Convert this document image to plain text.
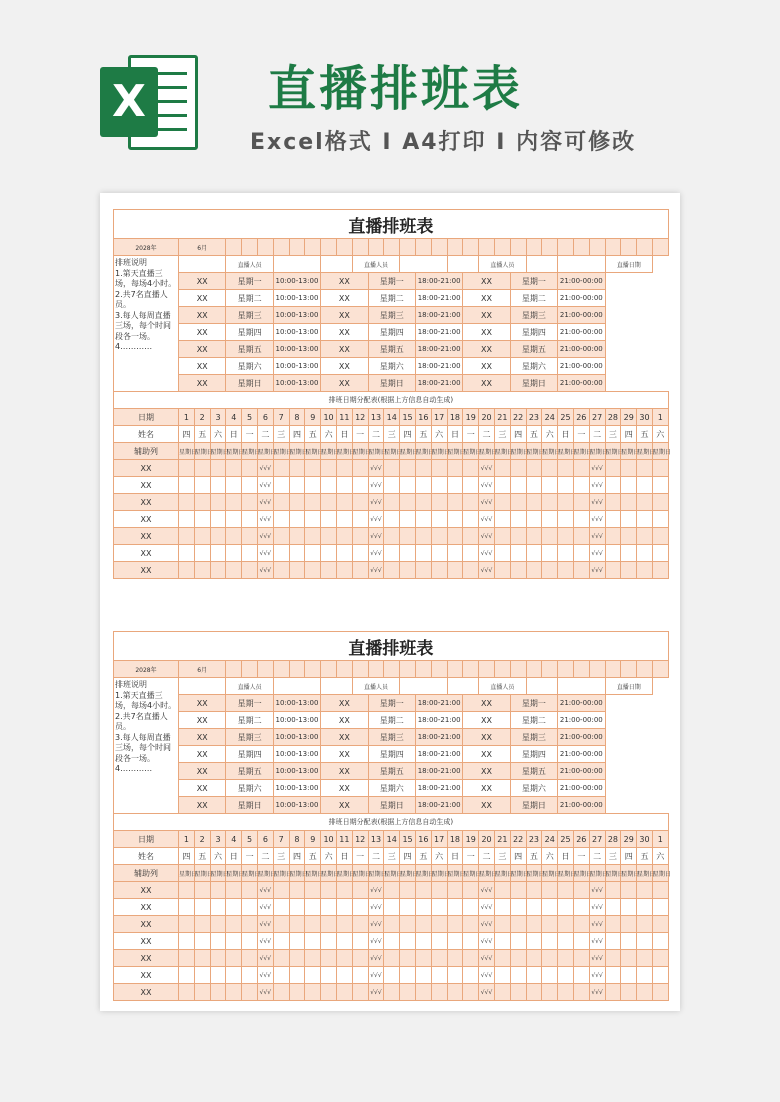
X	直播排班表
Excel格式 Ⅰ A4打印 Ⅰ 内容可修改
直播排班表																															
2028年	6月																														

排班说明
1.第天直播三场，每场4小时。
2.共7名直播人员。
3.每人每周直播三场，每个时间段各一场。
4…………				直播人员								直播人员								直播人员								直播日期			
	XX			星期一			10:00-13:00			XX			星期一			18:00-21:00			XX			星期一			21:00-00:00						
	XX			星期二			10:00-13:00			XX			星期二			18:00-21:00			XX			星期二			21:00-00:00						
	XX			星期三			10:00-13:00			XX			星期三			18:00-21:00			XX			星期三			21:00-00:00						
	XX			星期四			10:00-13:00			XX			星期四			18:00-21:00			XX			星期四			21:00-00:00						
	XX			星期五			10:00-13:00			XX			星期五			18:00-21:00			XX			星期五			21:00-00:00						
	XX			星期六			10:00-13:00			XX			星期六			18:00-21:00			XX			星期六			21:00-00:00						
	XX			星期日			10:00-13:00			XX			星期日			18:00-21:00			XX			星期日			21:00-00:00						
排班日期分配表(根据上方信息自动生成)																															
日期	1	2	3	4	5	6	7	8	9	10	11	12	13	14	15	16	17	18	19	20	21	22	23	24	25	26	27	28	29	30	1
姓名	四	五	六	日	一	二	三	四	五	六	日	一	二	三	四	五	六	日	一	二	三	四	五	六	日	一	二	三	四	五	六
辅助列	星期日	星期日	星期日	星期日	星期日	星期日	星期日	星期日	星期日	星期日	星期日	星期日	星期日	星期日	星期日	星期日	星期日	星期日	星期日	星期日	星期日	星期日	星期日	星期日	星期日	星期日	星期日	星期日	星期日	星期日	星期日
XX						√√√							√√√							√√√							√√√				
XX						√√√							√√√							√√√							√√√				
XX						√√√							√√√							√√√							√√√				
XX						√√√							√√√							√√√							√√√				
XX						√√√							√√√							√√√							√√√				
XX						√√√							√√√							√√√							√√√				
XX						√√√							√√√							√√√							√√√				
直播排班表																															
2028年	6月																														

排班说明
1.第天直播三场，每场4小时。
2.共7名直播人员。
3.每人每周直播三场，每个时间段各一场。
4…………				直播人员								直播人员								直播人员								直播日期			
	XX			星期一			10:00-13:00			XX			星期一			18:00-21:00			XX			星期一			21:00-00:00						
	XX			星期二			10:00-13:00			XX			星期二			18:00-21:00			XX			星期二			21:00-00:00						
	XX			星期三			10:00-13:00			XX			星期三			18:00-21:00			XX			星期三			21:00-00:00						
	XX			星期四			10:00-13:00			XX			星期四			18:00-21:00			XX			星期四			21:00-00:00						
	XX			星期五			10:00-13:00			XX			星期五			18:00-21:00			XX			星期五			21:00-00:00						
	XX			星期六			10:00-13:00			XX			星期六			18:00-21:00			XX			星期六			21:00-00:00						
	XX			星期日			10:00-13:00			XX			星期日			18:00-21:00			XX			星期日			21:00-00:00						
排班日期分配表(根据上方信息自动生成)																															
日期	1	2	3	4	5	6	7	8	9	10	11	12	13	14	15	16	17	18	19	20	21	22	23	24	25	26	27	28	29	30	1
姓名	四	五	六	日	一	二	三	四	五	六	日	一	二	三	四	五	六	日	一	二	三	四	五	六	日	一	二	三	四	五	六
辅助列	星期日	星期日	星期日	星期日	星期日	星期日	星期日	星期日	星期日	星期日	星期日	星期日	星期日	星期日	星期日	星期日	星期日	星期日	星期日	星期日	星期日	星期日	星期日	星期日	星期日	星期日	星期日	星期日	星期日	星期日	星期日
XX						√√√							√√√							√√√							√√√				
XX						√√√							√√√							√√√							√√√				
XX						√√√							√√√							√√√							√√√				
XX						√√√							√√√							√√√							√√√				
XX						√√√							√√√							√√√							√√√				
XX						√√√							√√√							√√√							√√√				
XX						√√√							√√√							√√√							√√√				
